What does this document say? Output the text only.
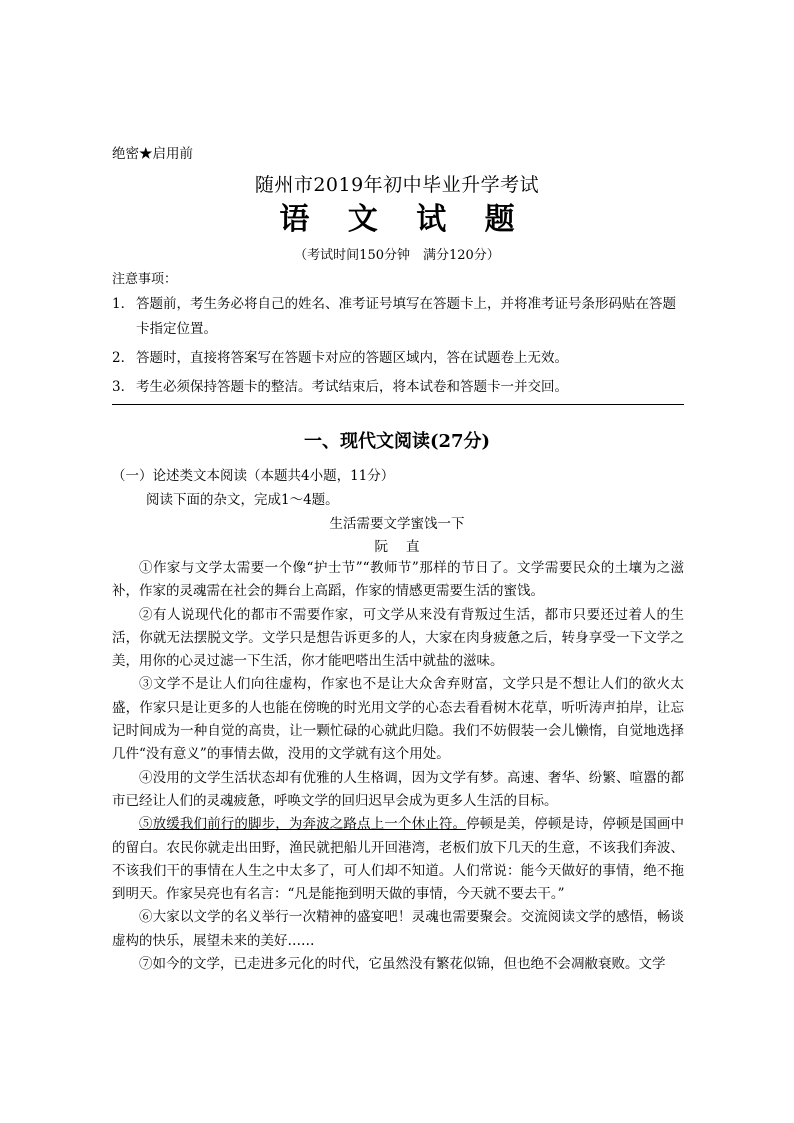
绝密★启用前
随州市2019年初中毕业升学考试
语 文 试 题
（考试时间150分钟　满分120分）
注意事项：
1． 答题前，考生务必将自己的姓名、准考证号填写在答题卡上，并将准考证号条形码贴在答题卡指定位置。
2． 答题时，直接将答案写在答题卡对应的答题区域内，答在试题卷上无效。
3． 考生必须保持答题卡的整洁。考试结束后，将本试卷和答题卡一并交回。
一、现代文阅读(27分)
（一）论述类文本阅读（本题共4小题，11分）
阅读下面的杂文，完成1～4题。
生活需要文学蜜饯一下
阮直

①作家与文学太需要一个像“护士节”“教师节”那样的节日了。文学需要民众的土壤为之滋补，作家的灵魂需在社会的舞台上高蹈，作家的情感更需要生活的蜜饯。

②有人说现代化的都市不需要作家，可文学从来没有背叛过生活，都市只要还过着人的生活，你就无法摆脱文学。文学只是想告诉更多的人，大家在肉身疲惫之后，转身享受一下文学之美，用你的心灵过滤一下生活，你才能吧嗒出生活中就盐的滋味。

③文学不是让人们向往虚构，作家也不是让大众舍弃财富，文学只是不想让人们的欲火太盛，作家只是让更多的人也能在傍晚的时光用文学的心态去看看树木花草，听听涛声拍岸，让忘记时间成为一种自觉的高贵，让一颗忙碌的心就此归隐。我们不妨假装一会儿懒惰，自觉地选择几件“没有意义”的事情去做，没用的文学就有这个用处。

④没用的文学生活状态却有优雅的人生格调，因为文学有梦。高速、奢华、纷繁、喧嚣的都市已经让人们的灵魂疲惫，呼唤文学的回归迟早会成为更多人生活的目标。

⑤放缓我们前行的脚步，为奔波之路点上一个休止符。停顿是美，停顿是诗，停顿是国画中的留白。农民你就走出田野，渔民就把船儿开回港湾，老板们放下几天的生意，不该我们奔波、不该我们干的事情在人生之中太多了，可人们却不知道。人们常说：能今天做好的事情，绝不拖到明天。作家吴亮也有名言：“凡是能拖到明天做的事情，今天就不要去干。”

⑥大家以文学的名义举行一次精神的盛宴吧！灵魂也需要聚会。交流阅读文学的感悟，畅谈虚构的快乐，展望未来的美好……

⑦如今的文学，已走进多元化的时代，它虽然没有繁花似锦，但也绝不会凋敝衰败。文学
